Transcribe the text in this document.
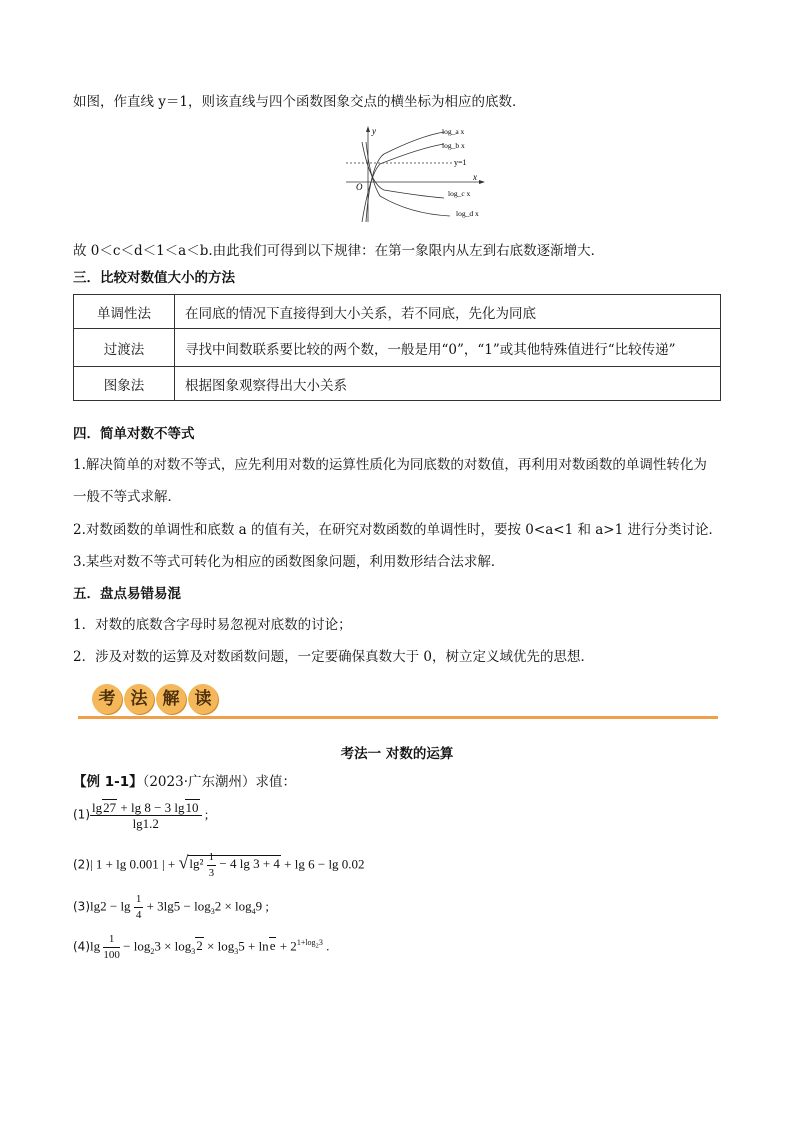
如图，作直线 y＝1，则该直线与四个函数图象交点的横坐标为相应的底数．
y
x
O
y=1
log_a x
log_b x
log_c x
log_d x
故 0＜c＜d＜1＜a＜b.由此我们可得到以下规律：在第一象限内从左到右底数逐渐增大．
三．比较对数值大小的方法
单调性法	在同底的情况下直接得到大小关系，若不同底，先化为同底
过渡法	寻找中间数联系要比较的两个数，一般是用“0”，“1”或其他特殊值进行“比较传递”
图象法	根据图象观察得出大小关系
四．简单对数不等式
1.解决简单的对数不等式，应先利用对数的运算性质化为同底数的对数值，再利用对数函数的单调性转化为
一般不等式求解．
2.对数函数的单调性和底数 a 的值有关，在研究对数函数的单调性时，要按 0<a<1 和 a>1 进行分类讨论．
3.某些对数不等式可转化为相应的函数图象问题，利用数形结合法求解．
五．盘点易错易混
1．对数的底数含字母时易忽视对底数的讨论；
2．涉及对数的运算及对数函数问题，一定要确保真数大于 0，树立定义域优先的思想．
考 法 解 读
考法一 对数的运算
【例 1-1】（2023·广东潮州）求值：
$(1) \frac{\lg 27 + \lg 8 - 3 \lg 10}{\lg 1.2}$ ;
(2)| 1 + lg 0.001 | + $√\lg^2 \frac{1}{3} - 4$ lg 3 + 4 + lg 6 − lg 0.02
$(3)\lg 2 - \lg \frac{1}{4} + 3\lg 5 - \log_32 \times \log_49$ ;
$(4)\lg \frac{1}{100} - \log_23 \times \log_32 \times \log_35 + \ln e + 2^{1+log_23}$ .
